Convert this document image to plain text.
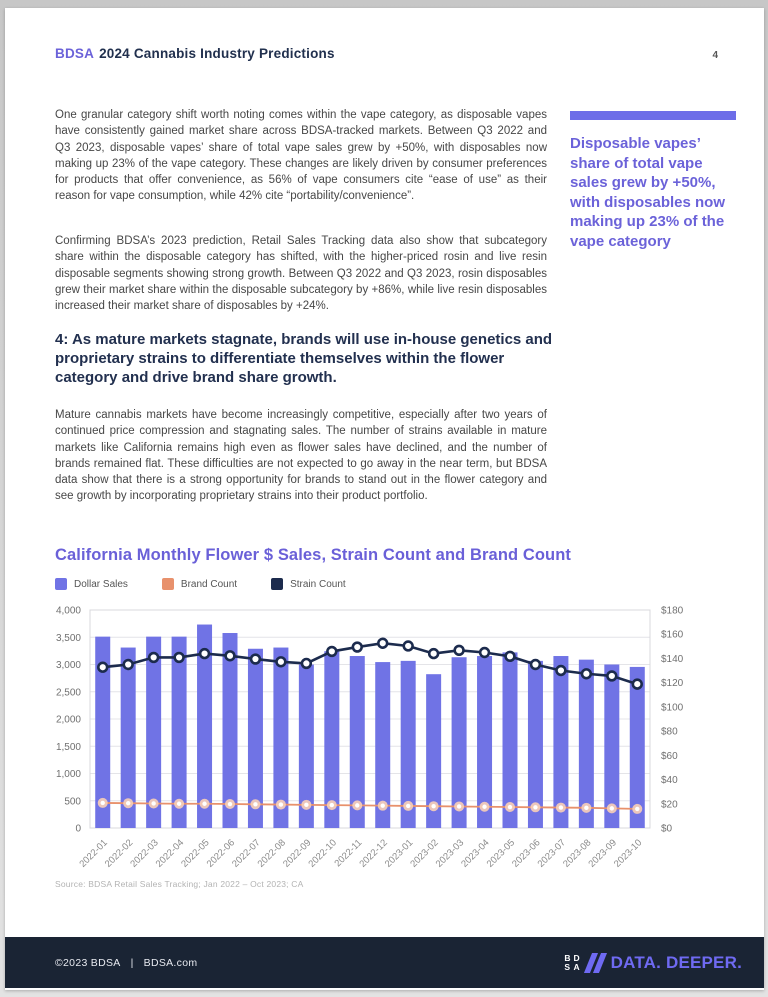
BDSA 2024 Cannabis Industry Predictions	4
One granular category shift worth noting comes within the vape category, as disposable vapes have consistently gained market share across BDSA-tracked markets. Between Q3 2022 and Q3 2023, disposable vapes’ share of total vape sales grew by +50%, with disposables now making up 23% of the vape category. These changes are likely driven by consumer preferences for products that offer convenience, as 56% of vape consumers cite “ease of use” as their reason for vape consumption, while 42% cite “portability/convenience”.
Disposable vapes’ share of total vape sales grew by +50%, with disposables now making up 23% of the vape category
Confirming BDSA’s 2023 prediction, Retail Sales Tracking data also show that subcategory share within the disposable category has shifted, with the higher-priced rosin and live resin disposable segments showing strong growth. Between Q3 2022 and Q3 2023, rosin disposables grew their market share within the disposable subcategory by +86%, while live resin disposables increased their market share of disposables by +24%.
4: As mature markets stagnate, brands will use in-house genetics and proprietary strains to differentiate themselves within the flower category and drive brand share growth.
Mature cannabis markets have become increasingly competitive, especially after two years of continued price compression and stagnating sales. The number of strains available in mature markets like California remains high even as flower sales have declined, and the number of brands remained flat. These difficulties are not expected to go away in the near term, but BDSA data show that there is a strong opportunity for brands to stand out in the flower category and see growth by incorporating proprietary strains into their product portfolio.
California Monthly Flower $ Sales, Strain Count and Brand Count
Dollar Sales	Brand Count	Strain Count
0
500
1,000
1,500
2,000
2,500
3,000
3,500
4,000
$0
$20
$40
$60
$80
$100
$120
$140
$160
$180
2022-01
2022-02
2022-03
2022-04
2022-05
2022-06
2022-07
2022-08
2022-09
2022-10
2022-11
2022-12
2023-01
2023-02
2023-03
2023-04
2023-05
2023-06
2023-07
2023-08
2023-09
2023-10
Source: BDSA Retail Sales Tracking; Jan 2022 – Oct 2023; CA
©2023 BDSA | BDSA.com	B D
S A DATA. DEEPER.
